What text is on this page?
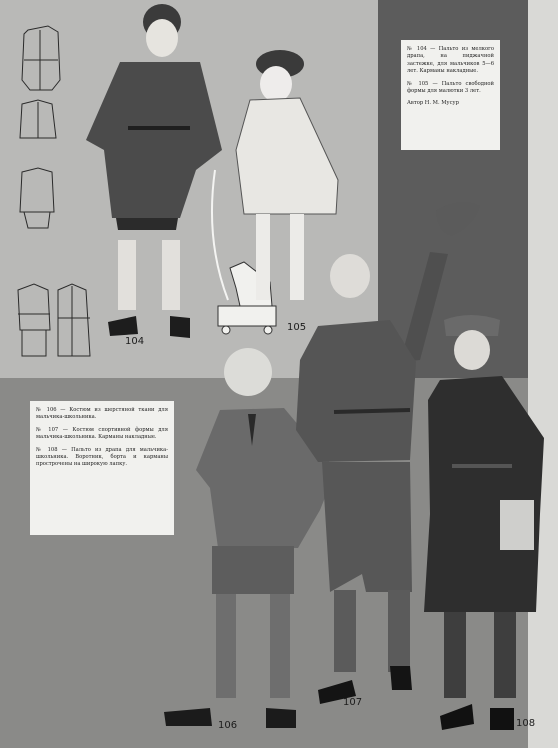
№ 104 — Пальто из мелкого драпа, на пиджачной застежке, для мальчиков 5—6 лет. Карманы накладные.

№ 105 — Пальто свободной формы для малютки 3 лет.

Автор Н. М. Мусур

№ 106 — Костюм из шерстяной ткани для мальчика-школьника.

№ 107 — Костюм спортивной формы для мальчика-школьника. Карманы накладные.

№ 108 — Пальто из драпа для мальчика-школьника. Воротник, борта и карманы прострочены на широкую лапку.

104
105
106
107
108
